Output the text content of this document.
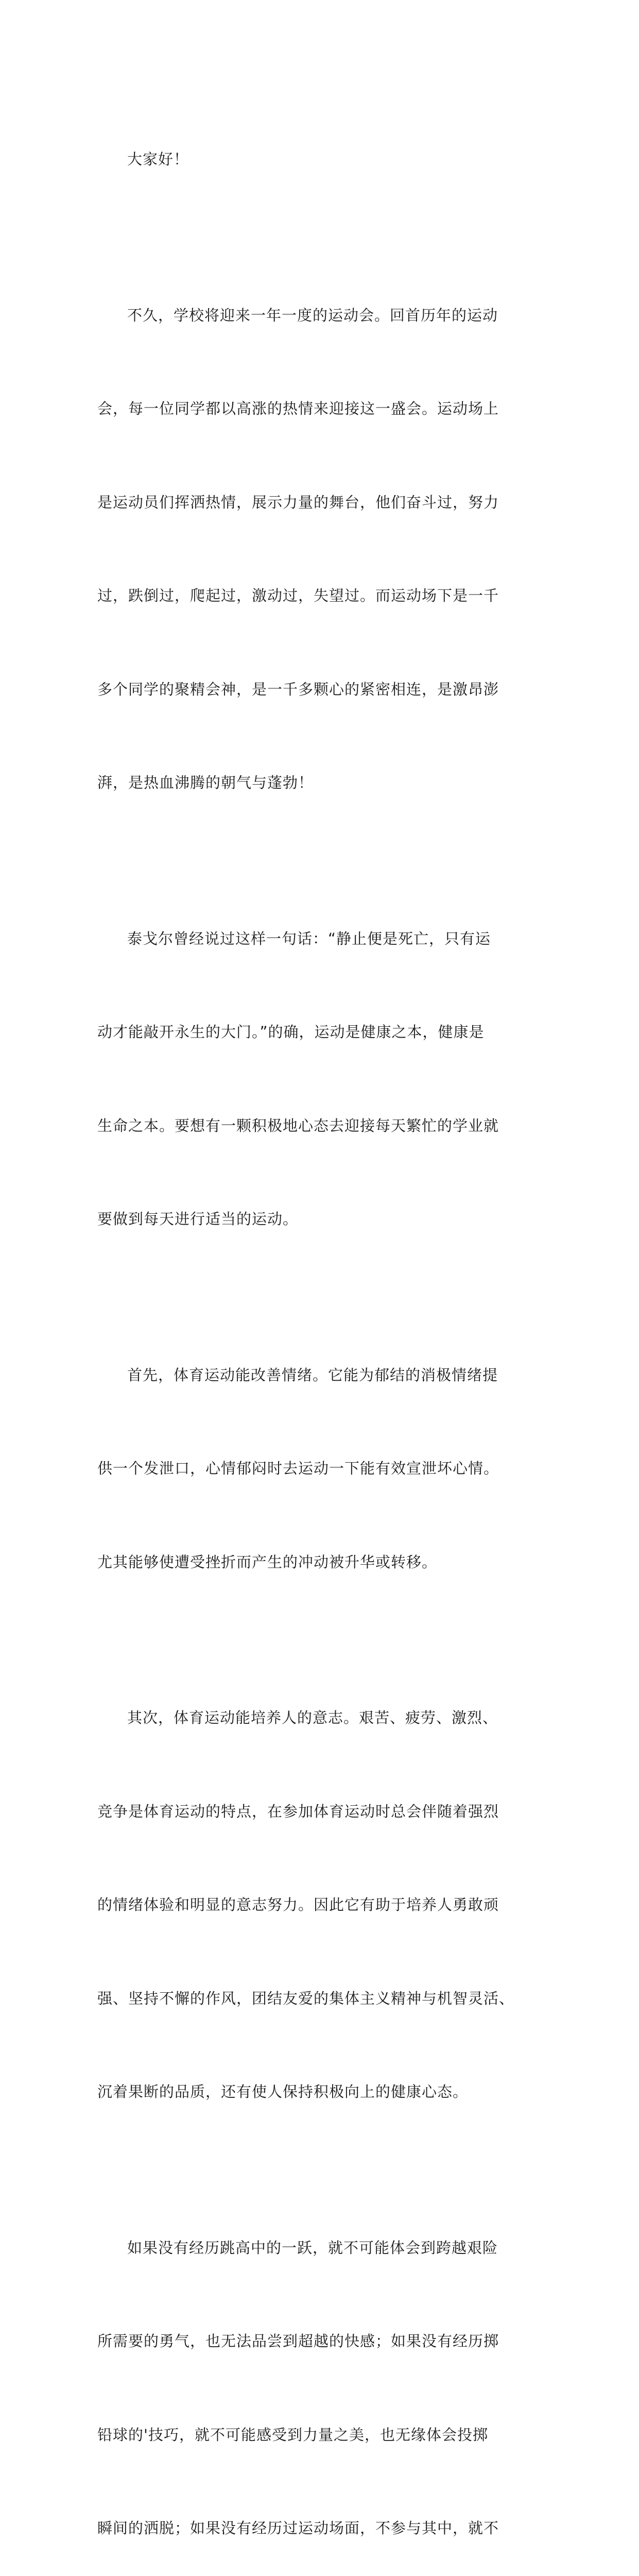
大家好！

不久，学校将迎来一年一度的运动会。回首历年的运动

会，每一位同学都以高涨的热情来迎接这一盛会。运动场上

是运动员们挥洒热情，展示力量的舞台，他们奋斗过，努力

过，跌倒过，爬起过，激动过，失望过。而运动场下是一千

多个同学的聚精会神，是一千多颗心的紧密相连，是激昂澎

湃，是热血沸腾的朝气与蓬勃！

泰戈尔曾经说过这样一句话：“静止便是死亡，只有运

动才能敲开永生的大门。”的确，运动是健康之本，健康是

生命之本。要想有一颗积极地心态去迎接每天繁忙的学业就

要做到每天进行适当的运动。

首先，体育运动能改善情绪。它能为郁结的消极情绪提

供一个发泄口，心情郁闷时去运动一下能有效宣泄坏心情。

尤其能够使遭受挫折而产生的冲动被升华或转移。

其次，体育运动能培养人的意志。艰苦、疲劳、激烈、

竞争是体育运动的特点，在参加体育运动时总会伴随着强烈

的情绪体验和明显的意志努力。因此它有助于培养人勇敢顽

强、坚持不懈的作风，团结友爱的集体主义精神与机智灵活、

沉着果断的品质，还有使人保持积极向上的健康心态。

如果没有经历跳高中的一跃，就不可能体会到跨越艰险

所需要的勇气，也无法品尝到超越的快感；如果没有经历掷

铅球的'技巧，就不可能感受到力量之美，也无缘体会投掷

瞬间的洒脱；如果没有经历过运动场面，不参与其中，就不
